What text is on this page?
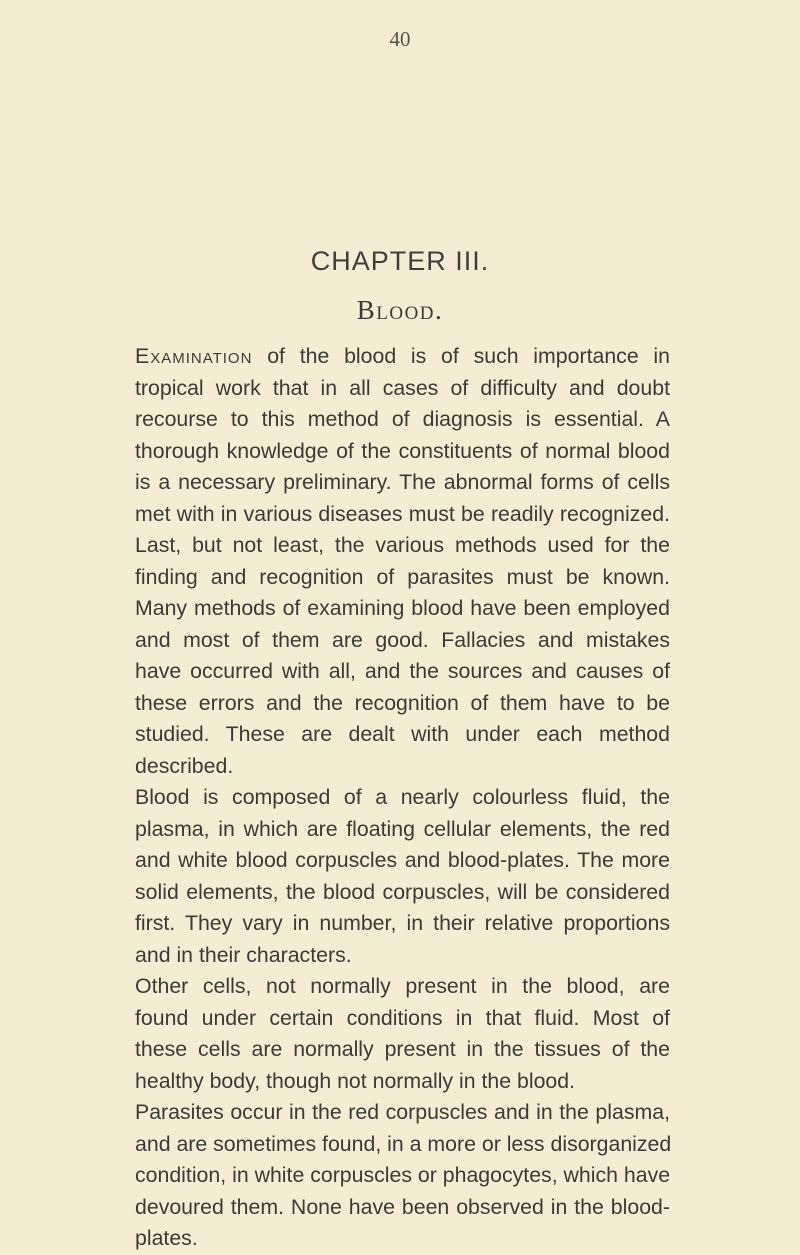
40
CHAPTER III.
Blood.
Examination of the blood is of such importance in
tropical work that in all cases of difficulty and doubt
recourse to this method of diagnosis is essential. A
thorough knowledge of the constituents of normal blood
is a necessary preliminary. The abnormal forms of cells
met with in various diseases must be readily recognized.
Last, but not least, the various methods used for the
finding and recognition of parasites must be known.
Many methods of examining blood have been employed
and most of them are good. Fallacies and mistakes
have occurred with all, and the sources and causes of
these errors and the recognition of them have to be
studied. These are dealt with under each method
described.
Blood is composed of a nearly colourless fluid, the
plasma, in which are floating cellular elements, the red
and white blood corpuscles and blood-plates. The more
solid elements, the blood corpuscles, will be considered
first. They vary in number, in their relative proportions
and in their characters.
Other cells, not normally present in the blood, are
found under certain conditions in that fluid. Most of
these cells are normally present in the tissues of the
healthy body, though not normally in the blood.
Parasites occur in the red corpuscles and in the plasma,
and are sometimes found, in a more or less disorganized
condition, in white corpuscles or phagocytes, which have
devoured them. None have been observed in the blood-
plates.
